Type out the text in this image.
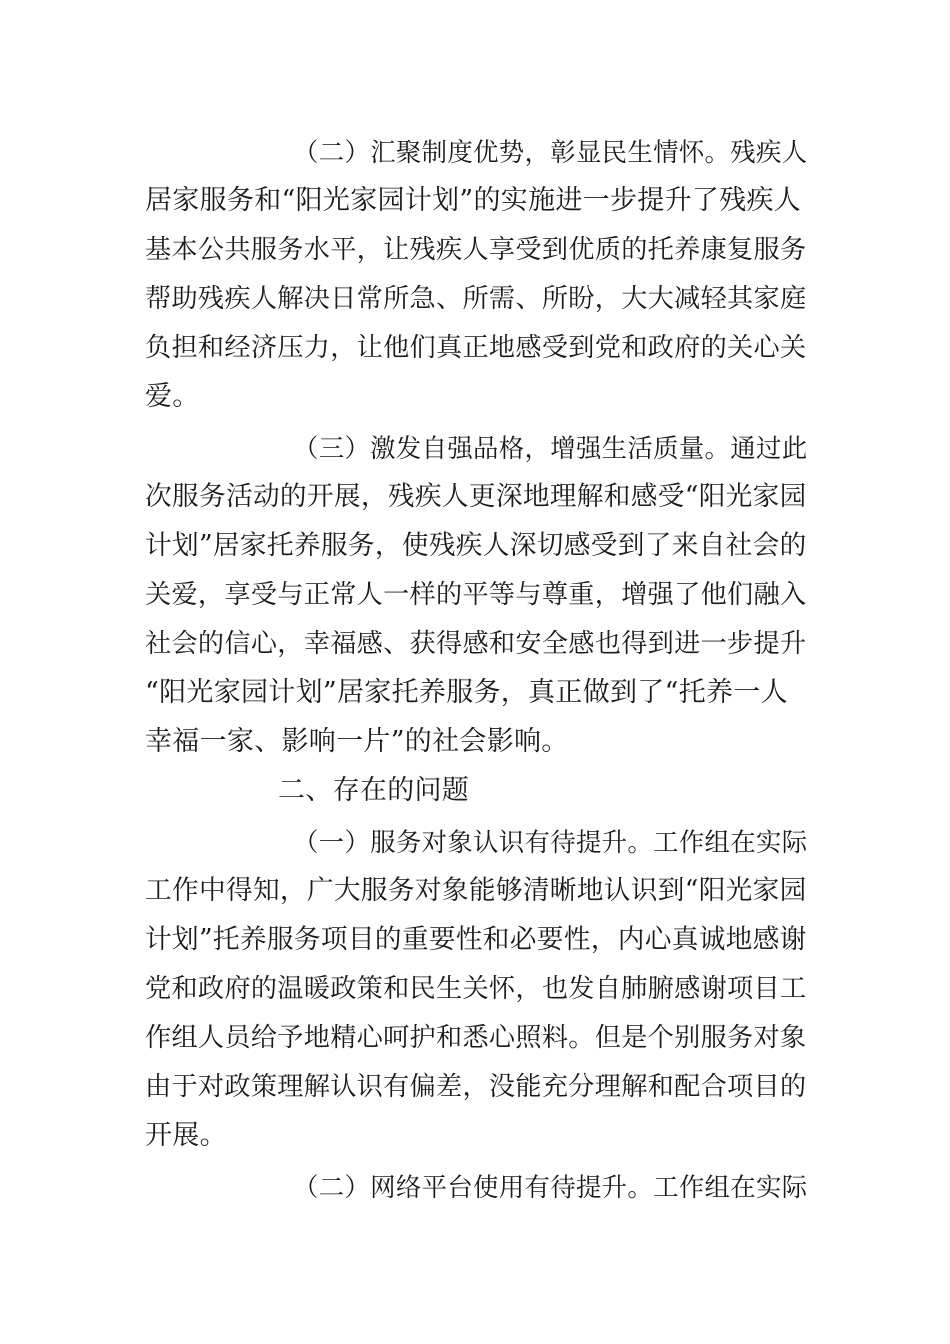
（二）汇聚制度优势，彰显民生情怀。残疾人
居家服务和“阳光家园计划”的实施进一步提升了残疾人
基本公共服务水平，让残疾人享受到优质的托养康复服务
帮助残疾人解决日常所急、所需、所盼，大大减轻其家庭
负担和经济压力，让他们真正地感受到党和政府的关心关
爱。
（三）激发自强品格，增强生活质量。通过此
次服务活动的开展，残疾人更深地理解和感受“阳光家园
计划”居家托养服务，使残疾人深切感受到了来自社会的
关爱，享受与正常人一样的平等与尊重，增强了他们融入
社会的信心，幸福感、获得感和安全感也得到进一步提升
“阳光家园计划”居家托养服务，真正做到了“托养一人
幸福一家、影响一片”的社会影响。
二、存在的问题
（一）服务对象认识有待提升。工作组在实际
工作中得知，广大服务对象能够清晰地认识到“阳光家园
计划”托养服务项目的重要性和必要性，内心真诚地感谢
党和政府的温暖政策和民生关怀，也发自肺腑感谢项目工
作组人员给予地精心呵护和悉心照料。但是个别服务对象
由于对政策理解认识有偏差，没能充分理解和配合项目的
开展。
（二）网络平台使用有待提升。工作组在实际
